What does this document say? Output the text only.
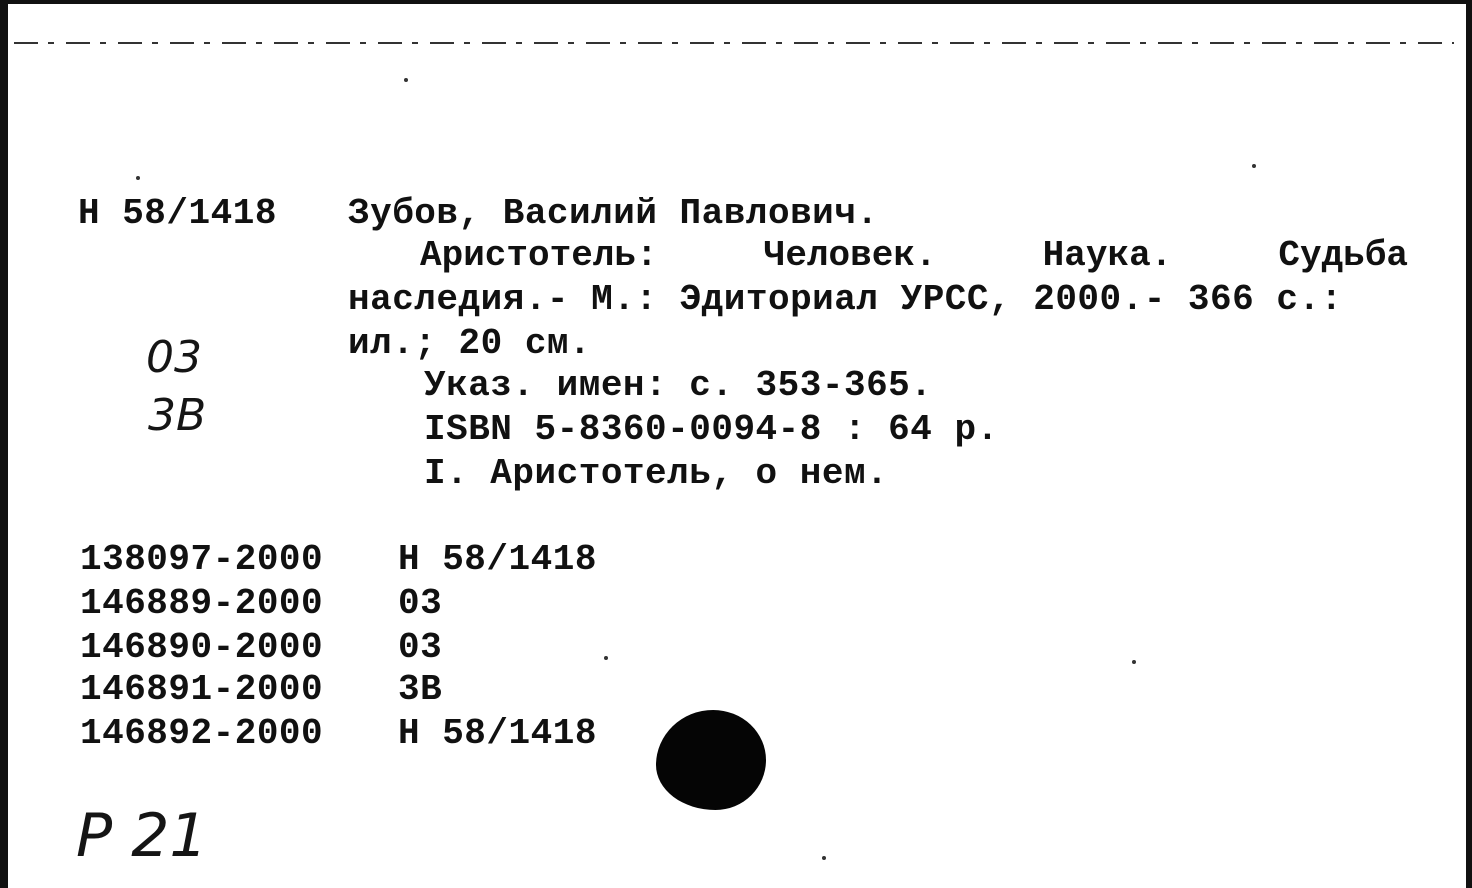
Н 58/1418 Зубов, Василий Павлович.
Аристотель:	Человек.	Наука.	Судьба
наследия.- М.: Эдиториал УРСС, 2000.- 366 с.:
ил.; 20 см.
Указ. имен: с. 353-365.
ISBN 5-8360-0094-8 : 64 р.
I. Аристотель, о нем.
03
3В
138097-2000 Н 58/1418
146889-2000 03
146890-2000 03
146891-2000 3В
146892-2000 Н 58/1418
Р 21
